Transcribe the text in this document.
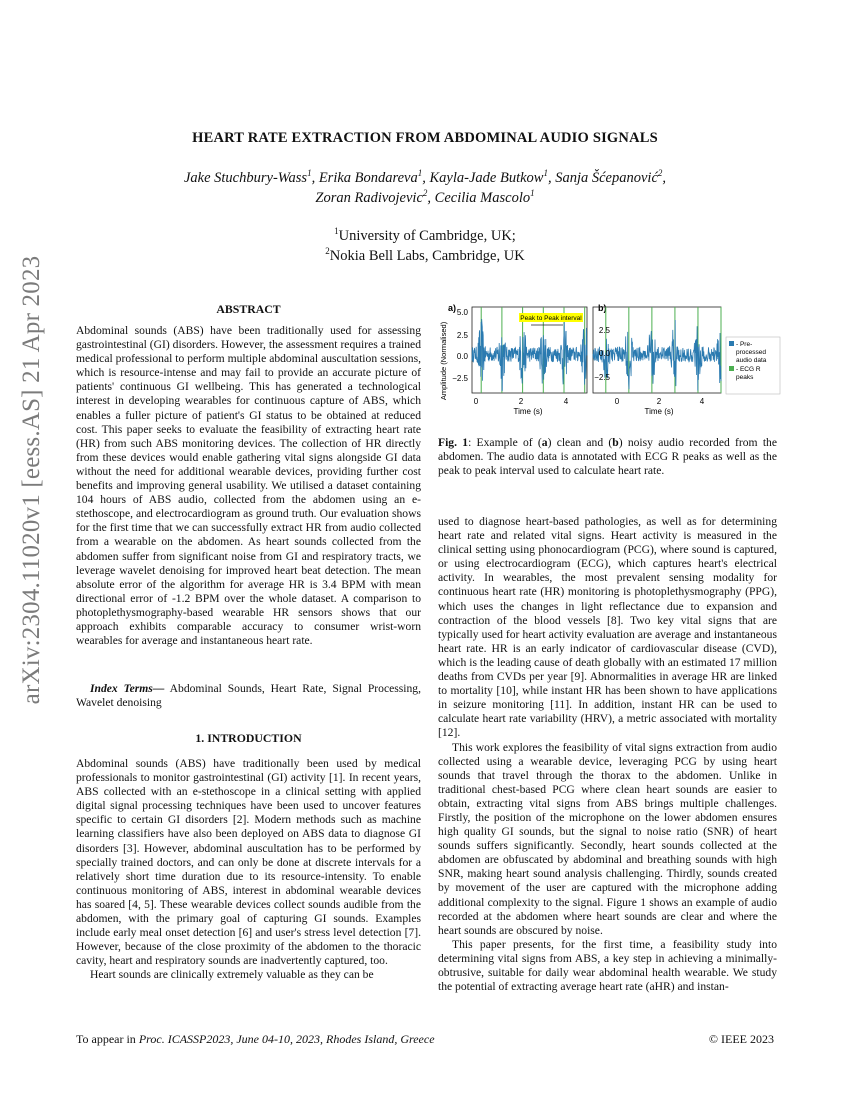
arXiv:2304.11020v1 [eess.AS] 21 Apr 2023
HEART RATE EXTRACTION FROM ABDOMINAL AUDIO SIGNALS
Jake Stuchbury-Wass$^1$, Erika Bondareva$^1$, Kayla-Jade Butkow$^1$, Sanja Šćepanović$^2$,
Zoran Radivojevic$^2$, Cecilia Mascolo$^1$
$^1$University of Cambridge, UK;
$^2$Nokia Bell Labs, Cambridge, UK

ABSTRACT

Abdominal sounds (ABS) have been traditionally used for assessing gastrointestinal (GI) disorders. However, the assessment requires a trained medical professional to perform multiple abdominal auscultation sessions, which is resource-intense and may fail to provide an accurate picture of patients' continuous GI wellbeing. This has generated a technological interest in developing wearables for continuous capture of ABS, which enables a fuller picture of patient's GI status to be obtained at reduced cost. This paper seeks to evaluate the feasibility of extracting heart rate (HR) from such ABS monitoring devices. The collection of HR directly from these devices would enable gathering vital signs alongside GI data without the need for additional wearable devices, providing further cost benefits and improving general usability. We utilised a dataset containing 104 hours of ABS audio, collected from the abdomen using an e-stethoscope, and electrocardiogram as ground truth. Our evaluation shows for the first time that we can successfully extract HR from audio collected from a wearable on the abdomen. As heart sounds collected from the abdomen suffer from significant noise from GI and respiratory tracts, we leverage wavelet denoising for improved heart beat detection. The mean absolute error of the algorithm for average HR is 3.4 BPM with mean directional error of -1.2 BPM over the whole dataset. A comparison to photoplethysmography-based wearable HR sensors shows that our approach exhibits comparable accuracy to consumer wrist-worn wearables for average and instantaneous heart rate.

Index Terms— Abdominal Sounds, Heart Rate, Signal Processing, Wavelet denoising

1. INTRODUCTION

Abdominal sounds (ABS) have traditionally been used by medical professionals to monitor gastrointestinal (GI) activity [1]. In recent years, ABS collected with an e-stethoscope in a clinical setting with applied digital signal processing techniques have been used to uncover features specific to certain GI disorders [2]. Modern methods such as machine learning classifiers have also been deployed on ABS data to diagnose GI disorders [3]. However, abdominal auscultation has to be performed by specially trained doctors, and can only be done at discrete intervals for a relatively short time duration due to its resource-intensity. To enable continuous monitoring of ABS, interest in abdominal wearable devices has soared [4, 5]. These wearable devices collect sounds audible from the abdomen, with the primary goal of capturing GI sounds. Examples include early meal onset detection [6] and user's stress level detection [7]. However, because of the close proximity of the abdomen to the thoracic cavity, heart and respiratory sounds are inadvertently captured, too.

Heart sounds are clinically extremely valuable as they can be

a)	b)
Amplitude (Normalised)
Peak to Peak interval
5.0
2.5
0.0
−2.5
2.5
0.0
−2.5
0	2	4	0	2	4
Time (s)	Time (s)
- Pre-
processed
audio data
- ECG R
peaks

Fig. 1: Example of (a) clean and (b) noisy audio recorded from the abdomen. The audio data is annotated with ECG R peaks as well as the peak to peak interval used to calculate heart rate.

used to diagnose heart-based pathologies, as well as for determining heart rate and related vital signs. Heart activity is measured in the clinical setting using phonocardiogram (PCG), where sound is captured, or using electrocardiogram (ECG), which captures heart's electrical activity. In wearables, the most prevalent sensing modality for continuous heart rate (HR) monitoring is photoplethysmography (PPG), which uses the changes in light reflectance due to expansion and contraction of the blood vessels [8]. Two key vital signs that are typically used for heart activity evaluation are average and instantaneous heart rate. HR is an early indicator of cardiovascular disease (CVD), which is the leading cause of death globally with an estimated 17 million deaths from CVDs per year [9]. Abnormalities in average HR are linked to mortality [10], while instant HR has been shown to have applications in seizure monitoring [11]. In addition, instant HR can be used to calculate heart rate variability (HRV), a metric associated with mortality [12].

This work explores the feasibility of vital signs extraction from audio collected using a wearable device, leveraging PCG by using heart sounds that travel through the thorax to the abdomen. Unlike in traditional chest-based PCG where clean heart sounds are easier to obtain, extracting vital signs from ABS brings multiple challenges. Firstly, the position of the microphone on the lower abdomen ensures high quality GI sounds, but the signal to noise ratio (SNR) of heart sounds suffers significantly. Secondly, heart sounds collected at the abdomen are obfuscated by abdominal and breathing sounds with high SNR, making heart sound analysis challenging. Thirdly, sounds created by movement of the user are captured with the microphone adding additional complexity to the signal. Figure 1 shows an example of audio recorded at the abdomen where heart sounds are clear and where the heart sounds are obscured by noise.

This paper presents, for the first time, a feasibility study into determining vital signs from ABS, a key step in achieving a minimally-obtrusive, suitable for daily wear abdominal health wearable. We study the potential of extracting average heart rate (aHR) and instan-

To appear in Proc. ICASSP2023, June 04-10, 2023, Rhodes Island, Greece	© IEEE 2023
